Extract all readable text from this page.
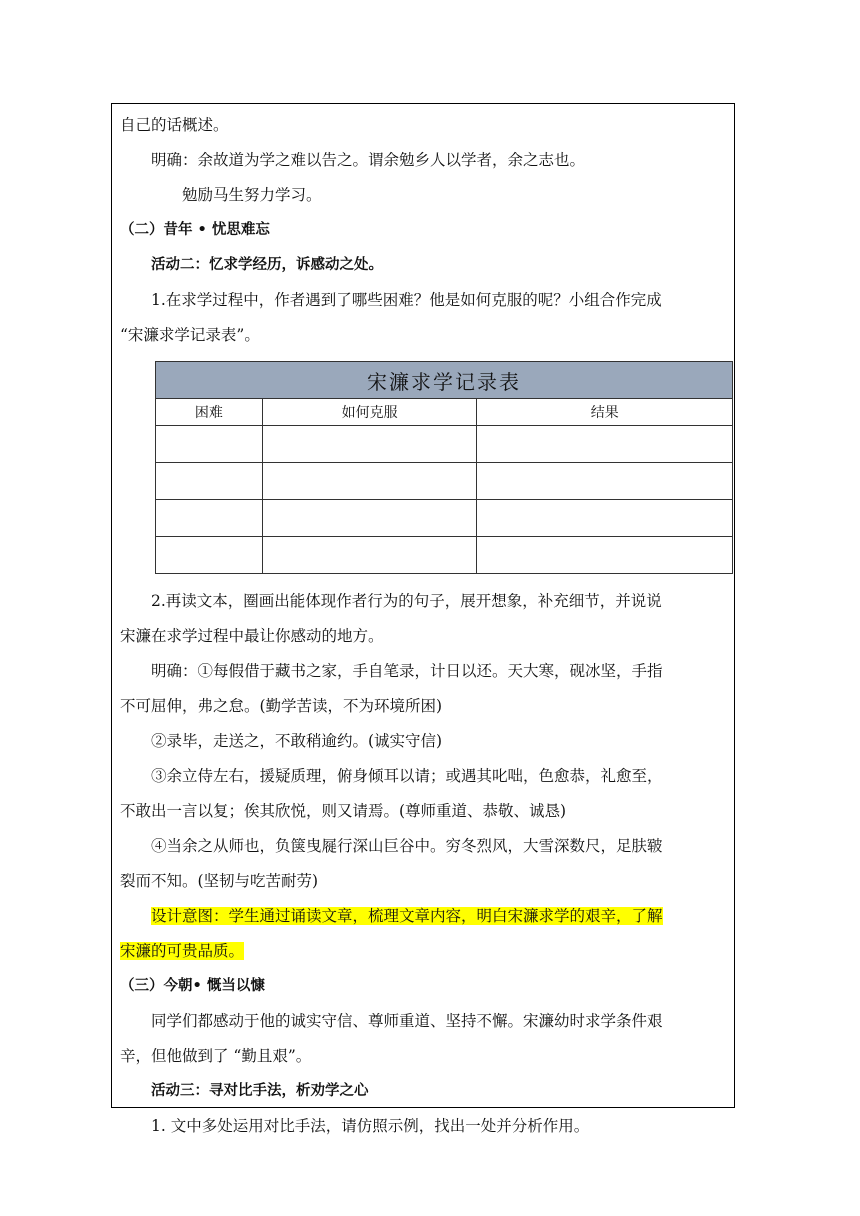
自己的话概述。
明确：余故道为学之难以告之。谓余勉乡人以学者，余之志也。
勉励马生努力学习。
（二）昔年 • 忧思难忘
活动二：忆求学经历，诉感动之处。
1.在求学过程中，作者遇到了哪些困难？他是如何克服的呢？小组合作完成
“宋濂求学记录表”。
宋濂求学记录表		
困难	如何克服	结果

2.再读文本，圈画出能体现作者行为的句子，展开想象，补充细节，并说说
宋濂在求学过程中最让你感动的地方。
明确：①每假借于藏书之家，手自笔录，计日以还。天大寒，砚冰坚，手指
不可屈伸，弗之怠。(勤学苦读，不为环境所困)
②录毕，走送之，不敢稍逾约。(诚实守信)
③余立侍左右，援疑质理，俯身倾耳以请；或遇其叱咄，色愈恭，礼愈至，
不敢出一言以复；俟其欣悦，则又请焉。(尊师重道、恭敬、诚恳)
④当余之从师也，负箧曳屣行深山巨谷中。穷冬烈风，大雪深数尺，足肤皲
裂而不知。(坚韧与吃苦耐劳)
设计意图：学生通过诵读文章，梳理文章内容，明白宋濂求学的艰辛，了解
宋濂的可贵品质。
（三）今朝• 慨当以慷
同学们都感动于他的诚实守信、尊师重道、坚持不懈。宋濂幼时求学条件艰
辛，但他做到了 “勤且艰”。
活动三：寻对比手法，析劝学之心
1. 文中多处运用对比手法，请仿照示例，找出一处并分析作用。
